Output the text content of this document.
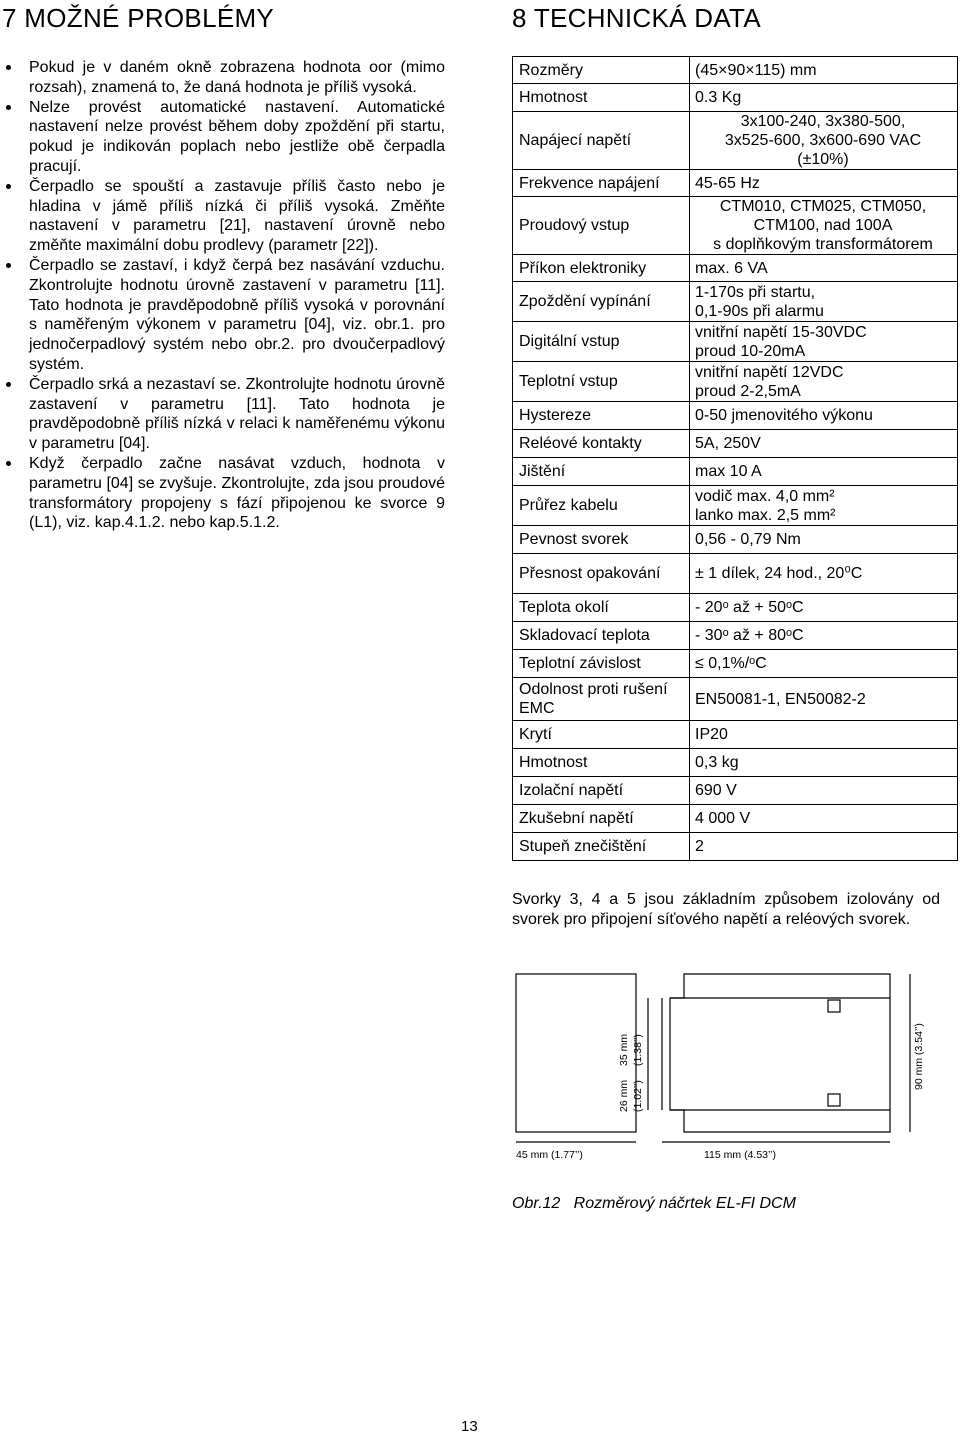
7 MOŽNÉ PROBLÉMY
Pokud je v daném okně zobrazena hodnota oor (mimo rozsah), znamená to, že daná hodnota je příliš vysoká.
Nelze provést automatické nastavení. Automatické nastavení nelze provést během doby zpoždění při startu, pokud je indikován poplach nebo jestliže obě čerpadla pracují.
Čerpadlo se spouští a zastavuje příliš často nebo je hladina v jámě příliš nízká či příliš vysoká. Změňte nastavení v parametru [21], nastavení úrovně nebo změňte maximální dobu prodlevy (parametr [22]).
Čerpadlo se zastaví, i když čerpá bez nasávání vzduchu. Zkontrolujte hodnotu úrovně zastavení v parametru [11]. Tato hodnota je pravděpodobně příliš vysoká v porovnání s naměřeným výkonem v parametru [04], viz. obr.1. pro jednočerpadlový systém nebo obr.2. pro dvoučerpadlový systém.
Čerpadlo srká a nezastaví se. Zkontrolujte hodnotu úrovně zastavení v parametru [11]. Tato hodnota je pravděpodobně příliš nízká v relaci k naměřenému výkonu v parametru [04].
Když čerpadlo začne nasávat vzduch, hodnota v parametru [04] se zvyšuje. Zkontrolujte, zda jsou proudové transformátory propojeny s fází připojenou ke svorce 9 (L1), viz. kap.4.1.2. nebo kap.5.1.2.
8 TECHNICKÁ DATA
Rozměry	(45×90×115) mm

Hmotnost	0.3 Kg

Napájecí napětí	3x100-240, 3x380-500,
3x525-600, 3x600-690 VAC
(±10%)

Frekvence napájení	45-65 Hz

Proudový vstup	CTM010, CTM025, CTM050,
CTM100, nad 100A
s doplňkovým transformátorem

Příkon elektroniky	max. 6 VA

Zpoždění vypínání	1-170s při startu,
0,1-90s při alarmu

Digitální vstup	vnitřní napětí 15-30VDC
proud 10-20mA

Teplotní vstup	vnitřní napětí 12VDC
proud 2-2,5mA

Hystereze	0-50 jmenovitého výkonu

Reléové kontakty	5A, 250V

Jištění	max 10 A

Průřez kabelu	vodič max. 4,0 mm²
lanko max. 2,5 mm²

Pevnost svorek	0,56 - 0,79 Nm

Přesnost opakování	± 1 dílek, 24 hod., 20⁰C

Teplota okolí	- 20ᵒ až + 50ᵒC

Skladovací teplota	- 30ᵒ až + 80ᵒC

Teplotní závislost	≤ 0,1%/ᵒC

Odolnost proti rušení EMC	EN50081-1, EN50082-2

Krytí	IP20

Hmotnost	0,3 kg

Izolační napětí	690 V

Zkušební napětí	4 000 V

Stupeň znečištění	2
Svorky 3, 4 a 5 jsou základním způsobem izolovány od svorek pro připojení síťového napětí a reléových svorek.
26 mm (1.02’’)
35 mm (1.38’’)	90 mm (3.54’’)
45 mm (1.77’’)	115 mm (4.53’’)
Obr.12   Rozměrový náčrtek EL-FI DCM
13
